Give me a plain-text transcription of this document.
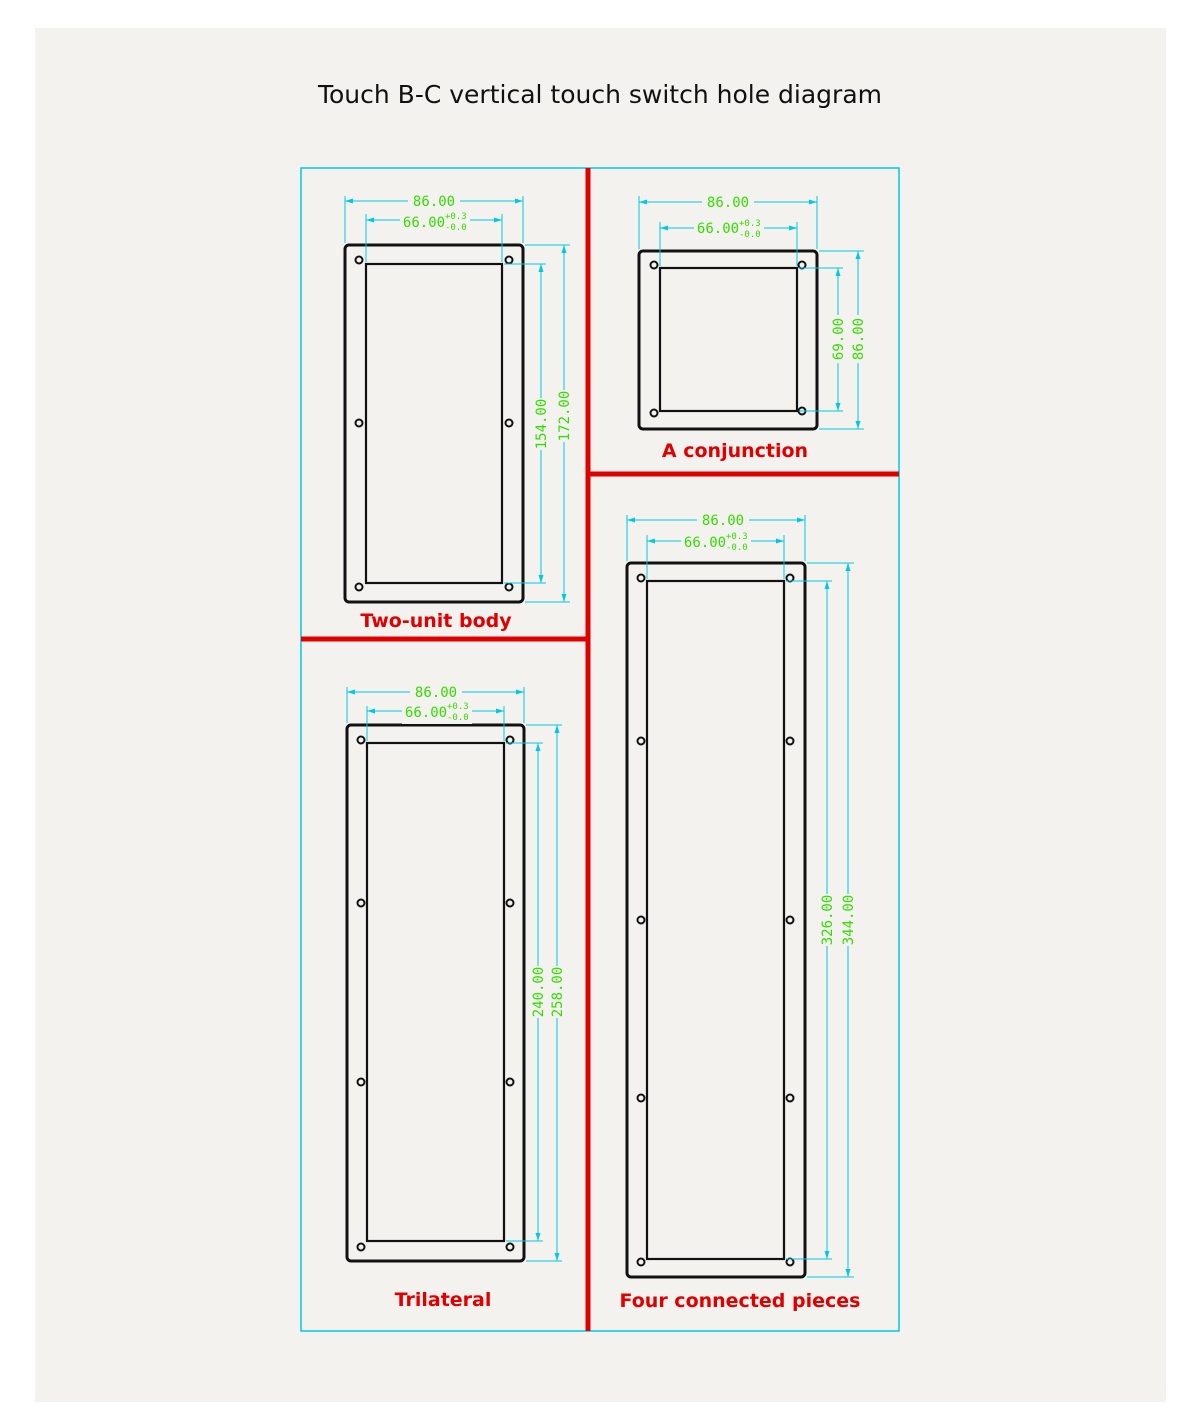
Touch B-C vertical touch switch hole diagram
86.00
66.00 +0.3
-0.0
154.00 172.00
Two-unit body
86.00
66.00 +0.3
-0.0
69.00 86.00
A conjunction
86.00
66.00 +0.3
-0.0
240.00 258.00
Trilateral
86.00
66.00 +0.3
-0.0
326.00 344.00
Four connected pieces
